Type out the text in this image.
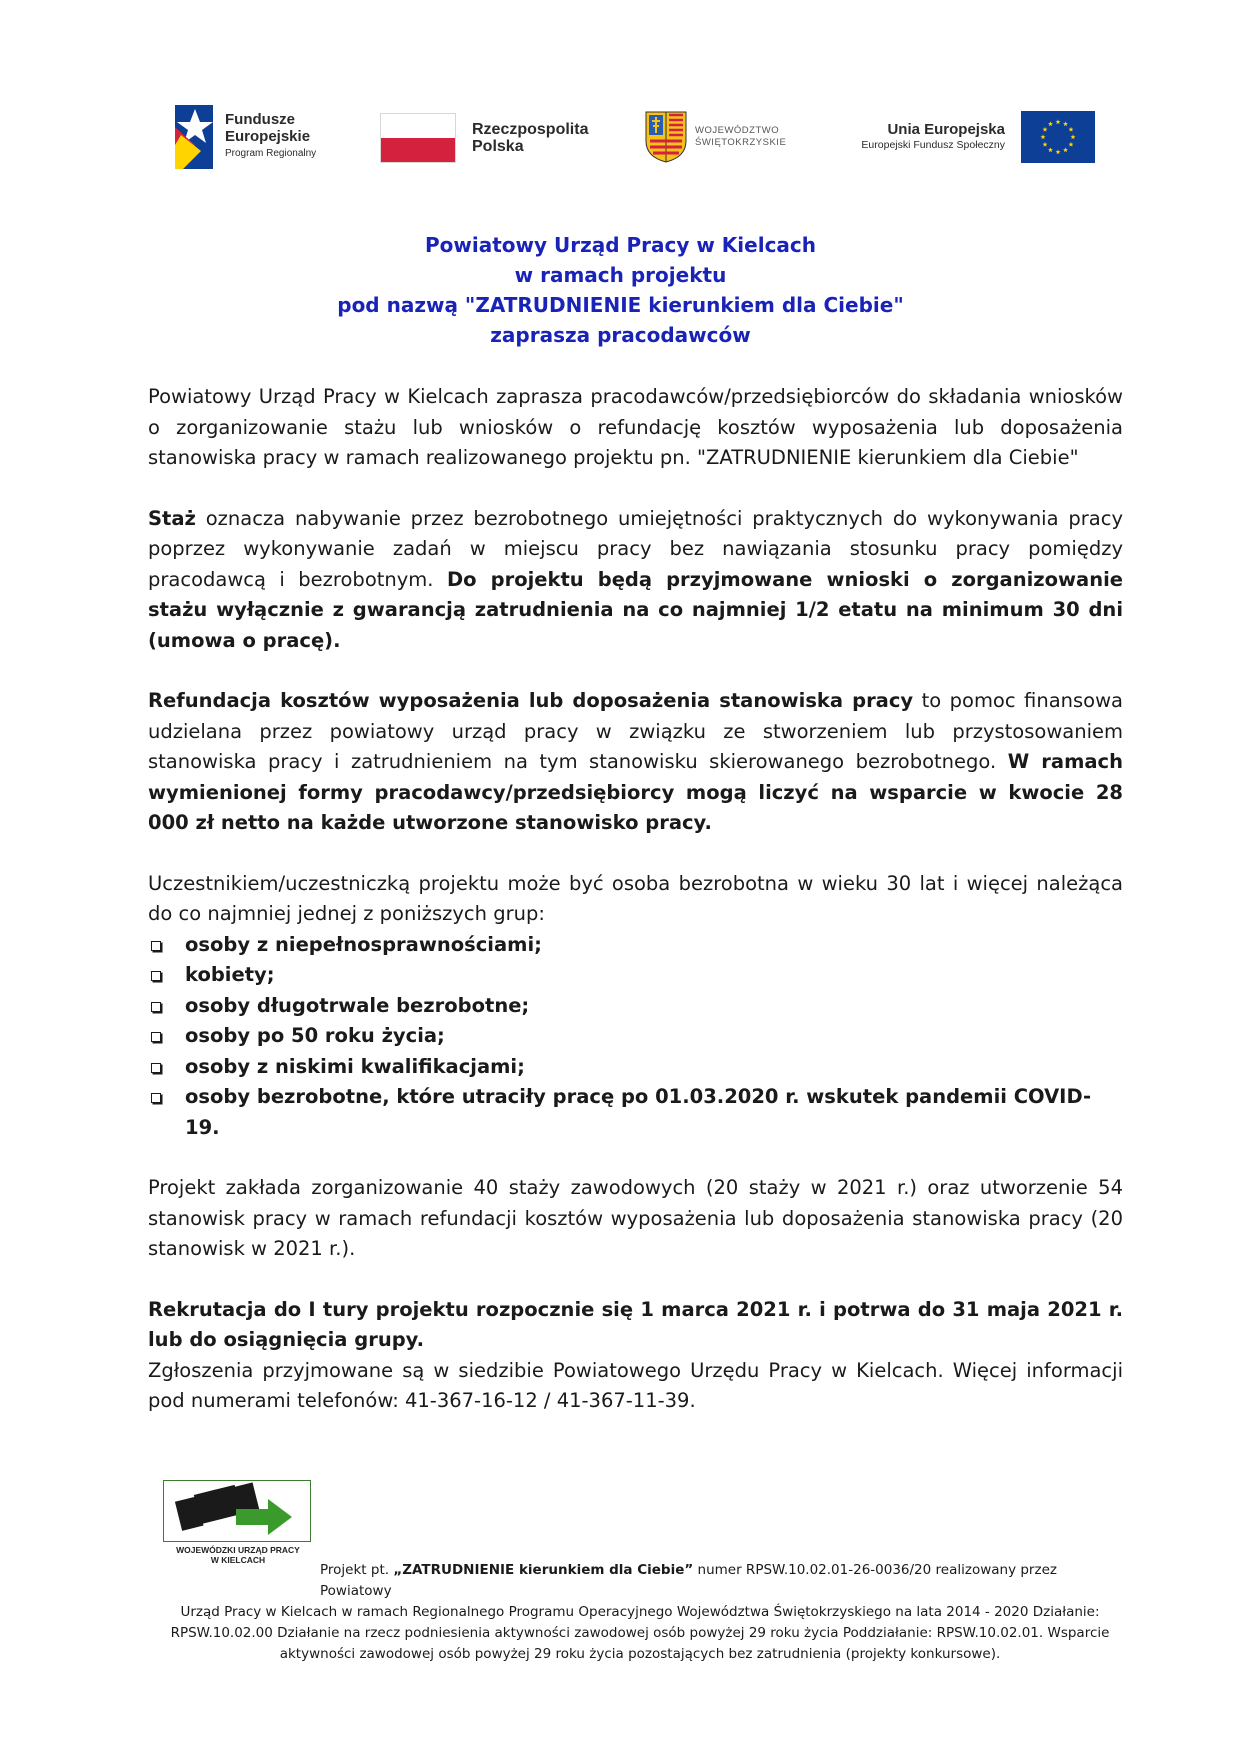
Fundusze
Europejskie
Program Regionalny
Rzeczpospolita
Polska
WOJEWÓDZTWO
ŚWIĘTOKRZYSKIE
Unia Europejska
Europejski Fundusz Społeczny
Powiatowy Urząd Pracy w Kielcach
w ramach projektu
pod nazwą "ZATRUDNIENIE kierunkiem dla Ciebie"
zaprasza pracodawców

Powiatowy Urząd Pracy w Kielcach zaprasza pracodawców/przedsiębiorców do składania wniosków o zorganizowanie stażu lub wniosków o refundację kosztów wyposażenia lub doposażenia stanowiska pracy w ramach realizowanego projektu pn. "ZATRUDNIENIE kierunkiem dla Ciebie"

Staż oznacza nabywanie przez bezrobotnego umiejętności praktycznych do wykonywania pracy poprzez wykonywanie zadań w miejscu pracy bez nawiązania stosunku pracy pomiędzy pracodawcą i bezrobotnym. Do projektu będą przyjmowane wnioski o zorganizowanie stażu wyłącznie z gwarancją zatrudnienia na co najmniej 1/2 etatu na minimum 30 dni (umowa o pracę).

Refundacja kosztów wyposażenia lub doposażenia stanowiska pracy to pomoc finansowa udzielana przez powiatowy urząd pracy w związku ze stworzeniem lub przystosowaniem stanowiska pracy i zatrudnieniem na tym stanowisku skierowanego bezrobotnego. W ramach wymienionej formy pracodawcy/przedsiębiorcy mogą liczyć na wsparcie w kwocie 28 000 zł netto na każde utworzone stanowisko pracy.

Uczestnikiem/uczestniczką projektu może być osoba bezrobotna w wieku 30 lat i więcej należąca do co najmniej jednej z poniższych grup:

osoby z niepełnosprawnościami;
kobiety;
osoby długotrwale bezrobotne;
osoby po 50 roku życia;
osoby z niskimi kwalifikacjami;
osoby bezrobotne, które utraciły pracę po 01.03.2020 r. wskutek pandemii COVID-19.

Projekt zakłada zorganizowanie 40 staży zawodowych (20 staży w 2021 r.) oraz utworzenie 54 stanowisk pracy w ramach refundacji kosztów wyposażenia lub doposażenia stanowiska pracy (20 stanowisk w 2021 r.).

Rekrutacja do I tury projektu rozpocznie się 1 marca 2021 r. i potrwa do 31 maja 2021 r. lub do osiągnięcia grupy.

Zgłoszenia przyjmowane są w siedzibie Powiatowego Urzędu Pracy w Kielcach. Więcej informacji pod numerami telefonów: 41-367-16-12 / 41-367-11-39.

WOJEWÓDZKI URZĄD PRACY
W KIELCACH
Projekt pt. „ZATRUDNIENIE kierunkiem dla Ciebie” numer RPSW.10.02.01-26-0036/20 realizowany przez Powiatowy
Urząd Pracy w Kielcach w ramach Regionalnego Programu Operacyjnego Województwa Świętokrzyskiego na lata 2014 - 2020 Działanie: RPSW.10.02.00 Działanie na rzecz podniesienia aktywności zawodowej osób powyżej 29 roku życia Poddziałanie: RPSW.10.02.01. Wsparcie aktywności zawodowej osób powyżej 29 roku życia pozostających bez zatrudnienia (projekty konkursowe).
